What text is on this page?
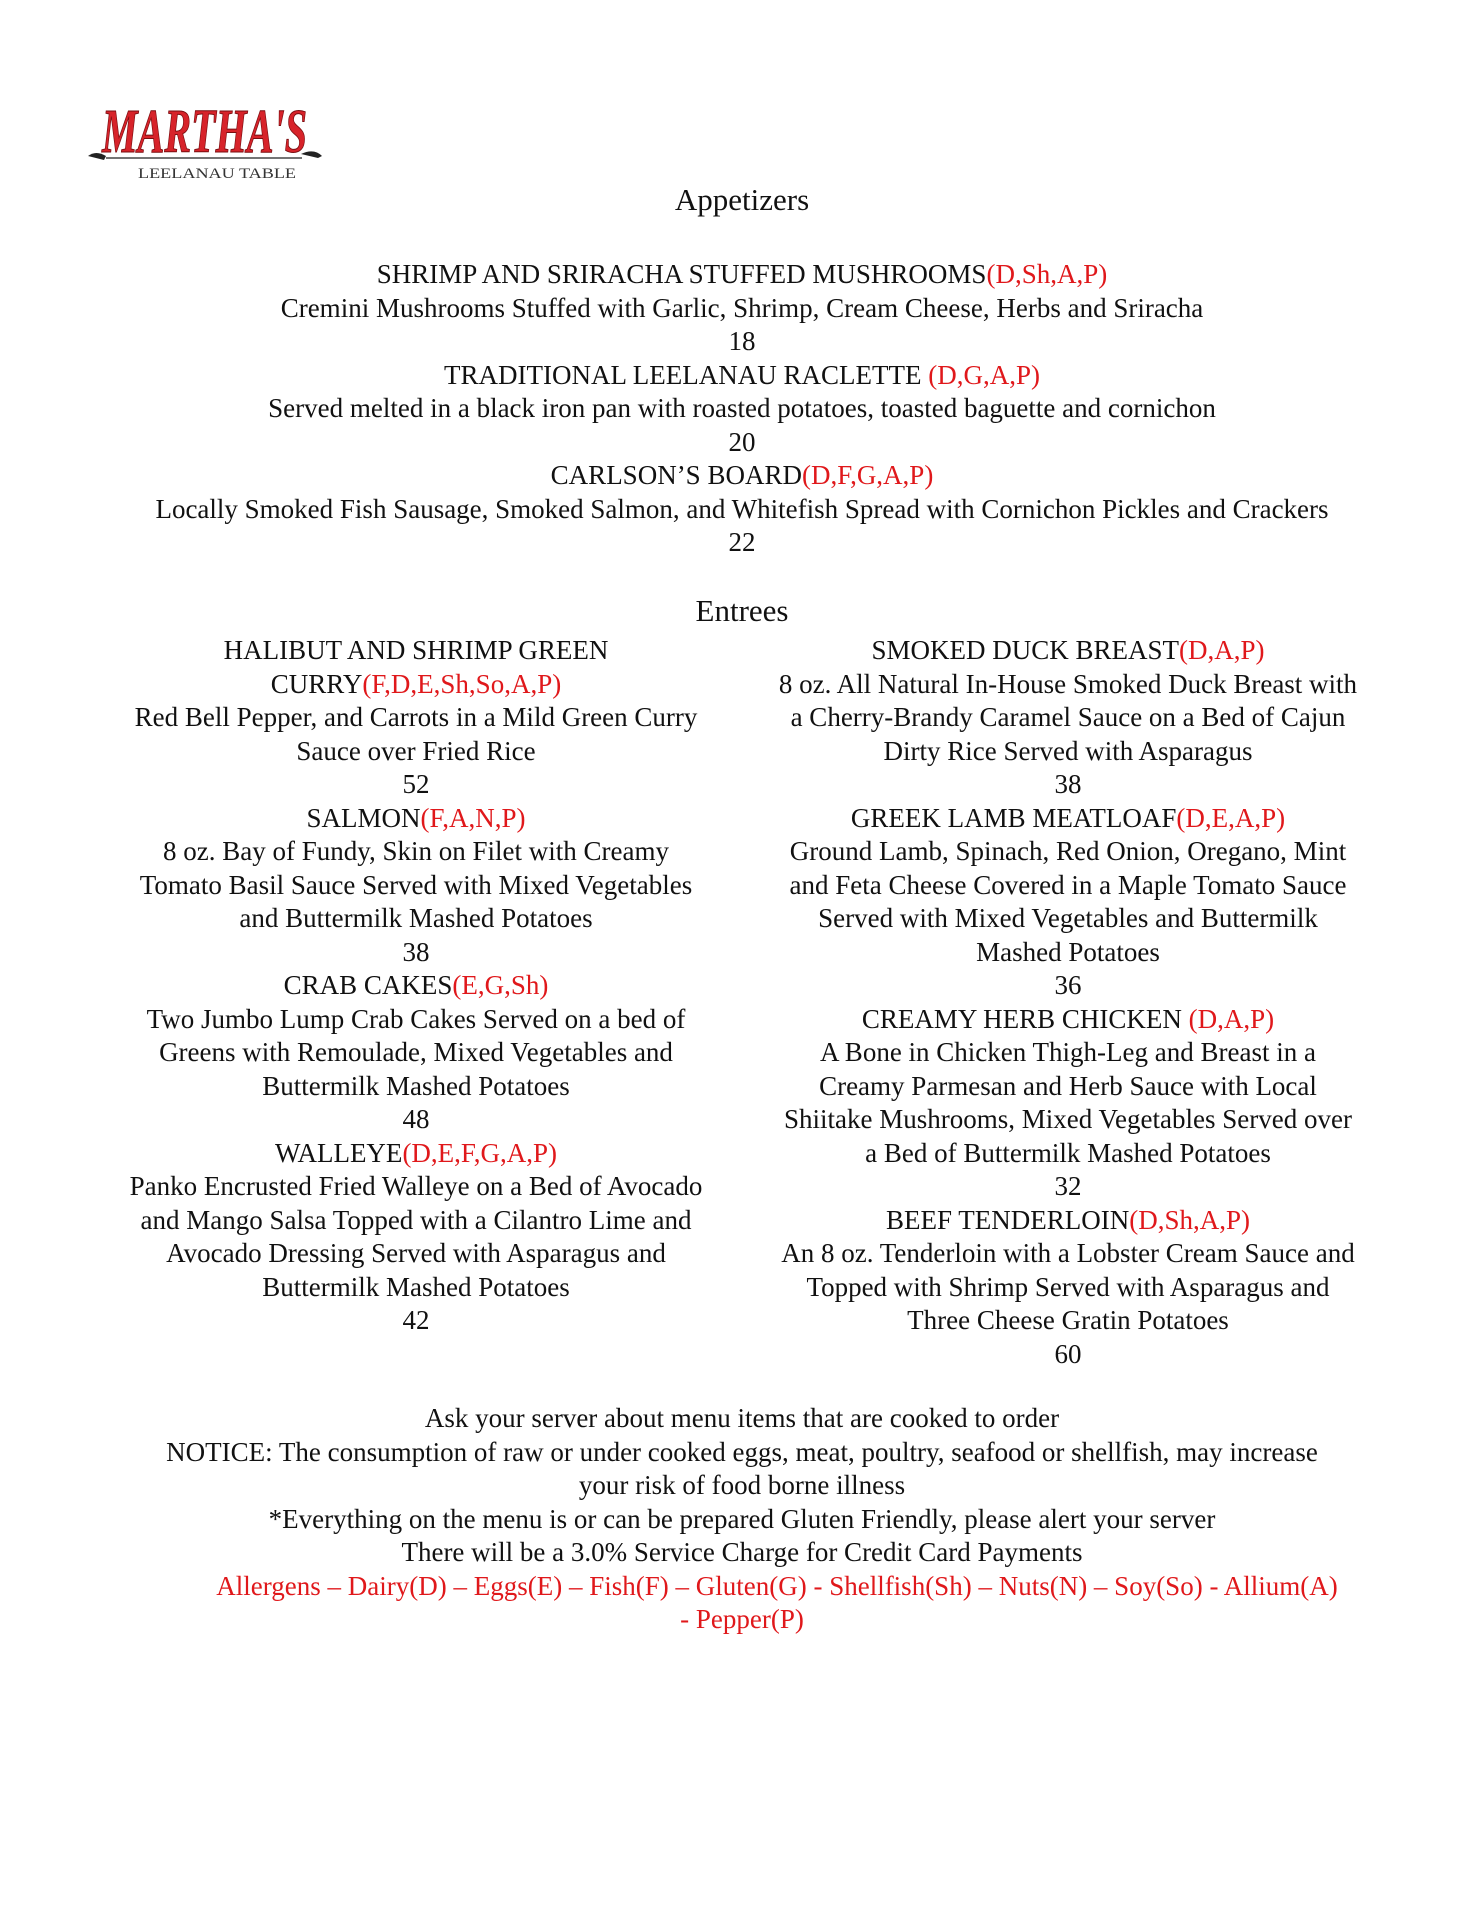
MARTHA'S
LEELANAU TABLE
Appetizers
SHRIMP AND SRIRACHA STUFFED MUSHROOMS(D,Sh,A,P)
Cremini Mushrooms Stuffed with Garlic, Shrimp, Cream Cheese, Herbs and Sriracha
18
TRADITIONAL LEELANAU RACLETTE (D,G,A,P)
Served melted in a black iron pan with roasted potatoes, toasted baguette and cornichon
20
CARLSON’S BOARD(D,F,G,A,P)
Locally Smoked Fish Sausage, Smoked Salmon, and Whitefish Spread with Cornichon Pickles and Crackers
22
Entrees
HALIBUT AND SHRIMP GREEN
CURRY(F,D,E,Sh,So,A,P)
Red Bell Pepper, and Carrots in a Mild Green Curry
Sauce over Fried Rice
52
SALMON(F,A,N,P)
8 oz. Bay of Fundy, Skin on Filet with Creamy
Tomato Basil Sauce Served with Mixed Vegetables
and Buttermilk Mashed Potatoes
38
CRAB CAKES(E,G,Sh)
Two Jumbo Lump Crab Cakes Served on a bed of
Greens with Remoulade, Mixed Vegetables and
Buttermilk Mashed Potatoes
48
WALLEYE(D,E,F,G,A,P)
Panko Encrusted Fried Walleye on a Bed of Avocado
and Mango Salsa Topped with a Cilantro Lime and
Avocado Dressing Served with Asparagus and
Buttermilk Mashed Potatoes
42
SMOKED DUCK BREAST(D,A,P)
8 oz. All Natural In-House Smoked Duck Breast with
a Cherry-Brandy Caramel Sauce on a Bed of Cajun
Dirty Rice Served with Asparagus
38
GREEK LAMB MEATLOAF(D,E,A,P)
Ground Lamb, Spinach, Red Onion, Oregano, Mint
and Feta Cheese Covered in a Maple Tomato Sauce
Served with Mixed Vegetables and Buttermilk
Mashed Potatoes
36
CREAMY HERB CHICKEN (D,A,P)
A Bone in Chicken Thigh-Leg and Breast in a
Creamy Parmesan and Herb Sauce with Local
Shiitake Mushrooms, Mixed Vegetables Served over
a Bed of Buttermilk Mashed Potatoes
32
BEEF TENDERLOIN(D,Sh,A,P)
An 8 oz. Tenderloin with a Lobster Cream Sauce and
Topped with Shrimp Served with Asparagus and
Three Cheese Gratin Potatoes
60
Ask your server about menu items that are cooked to order
NOTICE: The consumption of raw or under cooked eggs, meat, poultry, seafood or shellfish, may increase
your risk of food borne illness
*Everything on the menu is or can be prepared Gluten Friendly, please alert your server
There will be a 3.0% Service Charge for Credit Card Payments
Allergens – Dairy(D) – Eggs(E) – Fish(F) – Gluten(G) - Shellfish(Sh) – Nuts(N) – Soy(So) - Allium(A)
- Pepper(P)
